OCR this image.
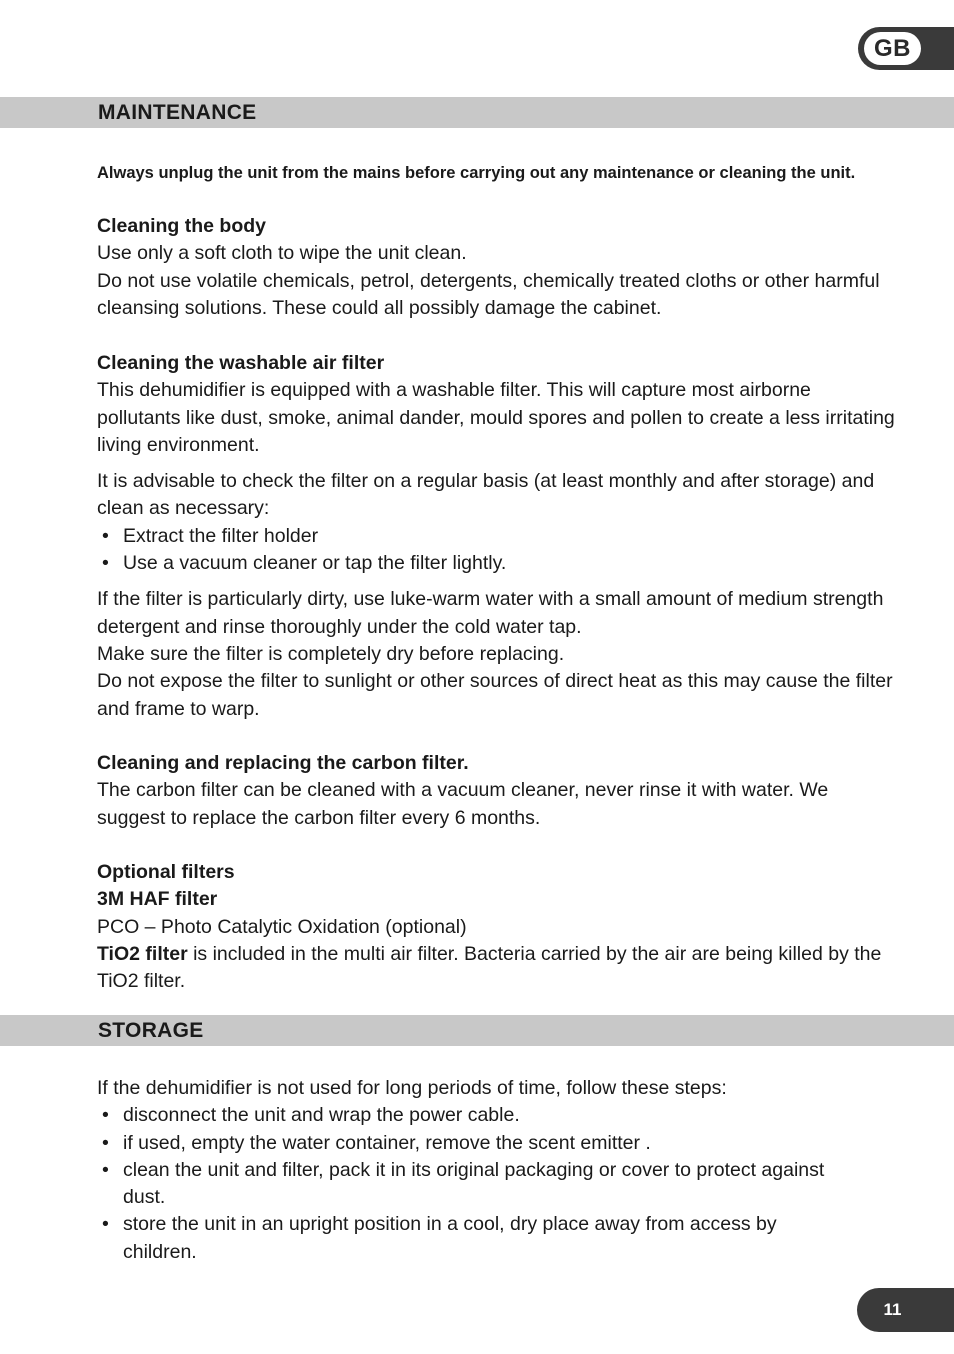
GB
MAINTENANCE

Always unplug the unit from the mains before carrying out any maintenance or cleaning the unit.

Cleaning the body

Use only a soft cloth to wipe the unit clean.

Do not use volatile chemicals, petrol, detergents, chemically treated cloths or other harmful cleansing solutions. These could all possibly damage the cabinet.

Cleaning the washable air filter

This dehumidifier is equipped with a washable filter. This will capture most airborne pollutants like dust, smoke, animal dander, mould spores and pollen to create a less irritating living environment.

It is advisable to check the filter on a regular basis (at least monthly and after storage) and clean as necessary:

• Extract the filter holder
• Use a vacuum cleaner or tap the filter lightly.

If the filter is particularly dirty, use luke-warm water with a small amount of medium strength detergent and rinse thoroughly under the cold water tap.

Make sure the filter is completely dry before replacing.

Do not expose the filter to sunlight or other sources of direct heat as this may cause the filter and frame to warp.

Cleaning and replacing the carbon filter.

The carbon filter can be cleaned with a vacuum cleaner, never rinse it with water. We suggest to replace the carbon filter every 6 months.

Optional filters

3M HAF filter

PCO – Photo Catalytic Oxidation (optional)

TiO2 filter is included in the multi air filter. Bacteria carried by the air are being killed by the TiO2 filter.

STORAGE

If the dehumidifier is not used for long periods of time, follow these steps:

• disconnect the unit and wrap the power cable.
• if used, empty the water container, remove the scent emitter .
• clean the unit and filter, pack it in its original packaging or cover to protect against dust.
• store the unit in an upright position in a cool, dry place away from access by children.
11
